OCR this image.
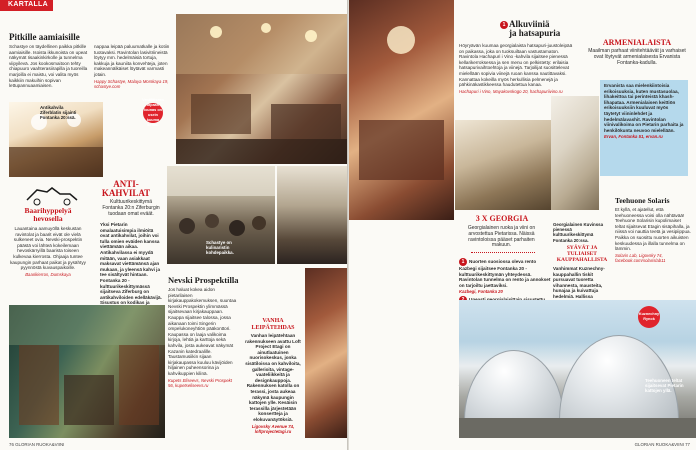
KARTALLA
Pitkille aamiaisille

Schastye on täydellinen paikka pitkille aamiaisille. Isoista ikkunoista on upeat näkymät Iisaakinkirkolle ja tunnelma viipyilevä. Jos kookosmaitoon tehty chiapuuro vaahterasiirapilla ja tuoreilla marjoilla ei maistu, voi valita myös kaikkiin makuihin sopivan lettupannuaamiaisen.

nappaa leipää paluumatkalle ja kotiin tuotavaksi. Ravintolan lasivitriineistä löytyy mm. hedelmäisiä tortuja, kakkuja ja kauniita konvehteja, joten makeannälkäiset löytävät varmasti jotain.

Happy Schastye, Malaya Morskaya 19, schastye.com

Venäläiseen tapaan lounas on usein kuuma keitto.
Antikahvila Ziferblatin sijainti Fontanka 20:ssä.
ANTI-
KAHVILAT
Kulttuurikeskittymä Fontanka 20:n Ziferburgin tuodaan omat eväät.

Yksi Pietarin omalaatuisimpia ilmiöitä ovat antikahvilat, joihin voi tulla omien eväiden kanssa viettämään aikaa. Antikahvilassa ei myydä mitään, vaan asiakkaat maksavat viettämänsä ajan mukaan, ja yleensä kahvi ja tee sisältyvät hintaan. Fontanka 20 -kulttuurikeskittymässä sijaitseva Ziferburg on antikahviloiden edelläkävijä. Sisustus on kodikas ja

Baarihyppelyä hevosella

Lauantaina aamuyöllä keskustan ravintolat ja baarit eivät ole vielä sulkeneet ovia. Nevski-prospektin päästä voi lähteä kokeilemaan hevoskärryillä baarista toiseen kulkevaa kierrosta. Ohjaaja tuntee kaupungin parhaat paikat ja pysähtyy pyynnöstä kuvauspaikoille.

Baarikierros, Dumskaya

Schastye on kulinaristin kohdepaikka.
Nevski Prospektilla

Jos haluat kokea aidon pietarilaisen kirjakauppakokemuksen, suuntaa Nevski Prospektin ylimmässä sijaitsevaan kirjakauppaan. Kauppa sijaitsee talossa, jossa aikanaan toimi Singerin ompelukoneyhtiön pääkonttori. Kaupassa on laaja valikoima kirjoja, lehtiä ja karttoja sekä kahvila, josta aukeavat näkymät Kazanin katedraalille. Taustamusiikin sijaan kirjakaupassa kuuluu kävijöiden hiljainen puheensorina ja kahvikuppien kilinä.

Kupets Eliseevs, Nevski Prospekt 56, kupetseliseevs.ru

VANHA
LEIPÄTEHDAS

Vanhan leipätehtaan rakennukseen avattu Loft Project Etagi on ainutlaatuinen nuorisokeskus, jonka sisätiloissa on kahviloita, gallerioita, vintage-vaateliikkeitä ja designkauppoja. Rakennuksen katolla on terassi, josta aukeaa näkymä kaupungin kattojen ylle. Kesäisin terassilla järjestetään konsertteja ja elokuvanäytöksiä.

Ligovsky Avenue 74, loftprojectetagi.ru

76 GLORIAN RUOKA&VIINI
1 Alkuviiniä
ja hatsapuria

Höyryävän kuumaa georgialaista hatsapuri-juustoleipää on paikassa, joka on tuoksuiltaan vastustamaton. Ravintola Hachapuri i Vino -kahvila sijaitsee pienessä kellarikerroksessa ja sen menu on pelkistetty: erilaisia hatsapurivaihtoehtoja ja viinejä. Tarjoilijat suosittelevat mielellään sopivia viinejä ruoan kanssa nautittavaksi. Kannattaa kokeilla myös herkullisia pelmenejä ja pähkinäkastikkeessa haudutettua kanaa.

Hachapuri i Vino, Mayakovskogo 20, hachapuriivino.ru

ARMENIALAISTA
Maailman parhaat viinitehtäävät ja varhaiset ovat löytyvät armenialaisesta Ervanista Fontanka-kadulla.

Ervanista saa mielenkiintoisia erikoisuuksia, kuten mustasuolaa, lihakeittoa tai perinteistä khash-lihapataa. Armenialaisen keittiön erikoisuuksiin kuuluvat myös täytetyt viininlehdet ja hedelmälavashit. Ravintolan viinivalikoima on Pietarin parhaita ja henkilökunta neuvoo mielellään.

Ervan, Fontanka 51, ervan.ru

3 X GEORGIA
Georgialainen ruoka ja viini on arvostettua Pietarissa. Näissä ravintoloissa pääset parhaiten makuun.

1 Nuorten suosiossa oleva rento Kazbegi sijaitsee Fontanka 20 -kulttuurikeskittymän yhteydessä. Ravintolan tunnelma on rento ja annokset on tarjoiltu jaettaviksi.

Kazbegi, Fontanka 20

Georgialainen Kuvinssa pienessä kulttuurikeskittymä Fontanka 20:ssa.
SYÄVÄT JA
TULIAISET
KAUPPAHALLISTA

Vanhimmat Kuznechny-kauppahallin tiskit pursuavat tuoretta vihannesta, mausteita, hunajaa ja kuivattuja hedelmiä. Hallissa

Teehuone Solaris

Et kyllä, et ajatellut, että teehuoneessa voisi olla nähtävää! Teehuone Solarisin kupolimaiset teltat sijaitsevat Etagin sisäpihalla, ja niissä voi nauttia teetä ja vesipiippua. Paikka on suosittu nuorten aikuisten keskuudessa ja illalla tunnelma on lämmin.

Solaris Lab, Ligovsky 74, facebook.com/solarislab11

Kuznechny Rynok
Teehuoneen teltat sijaitsevat Pietarin kattojen yllä.
GLORIAN RUOKA&VIINI 77
